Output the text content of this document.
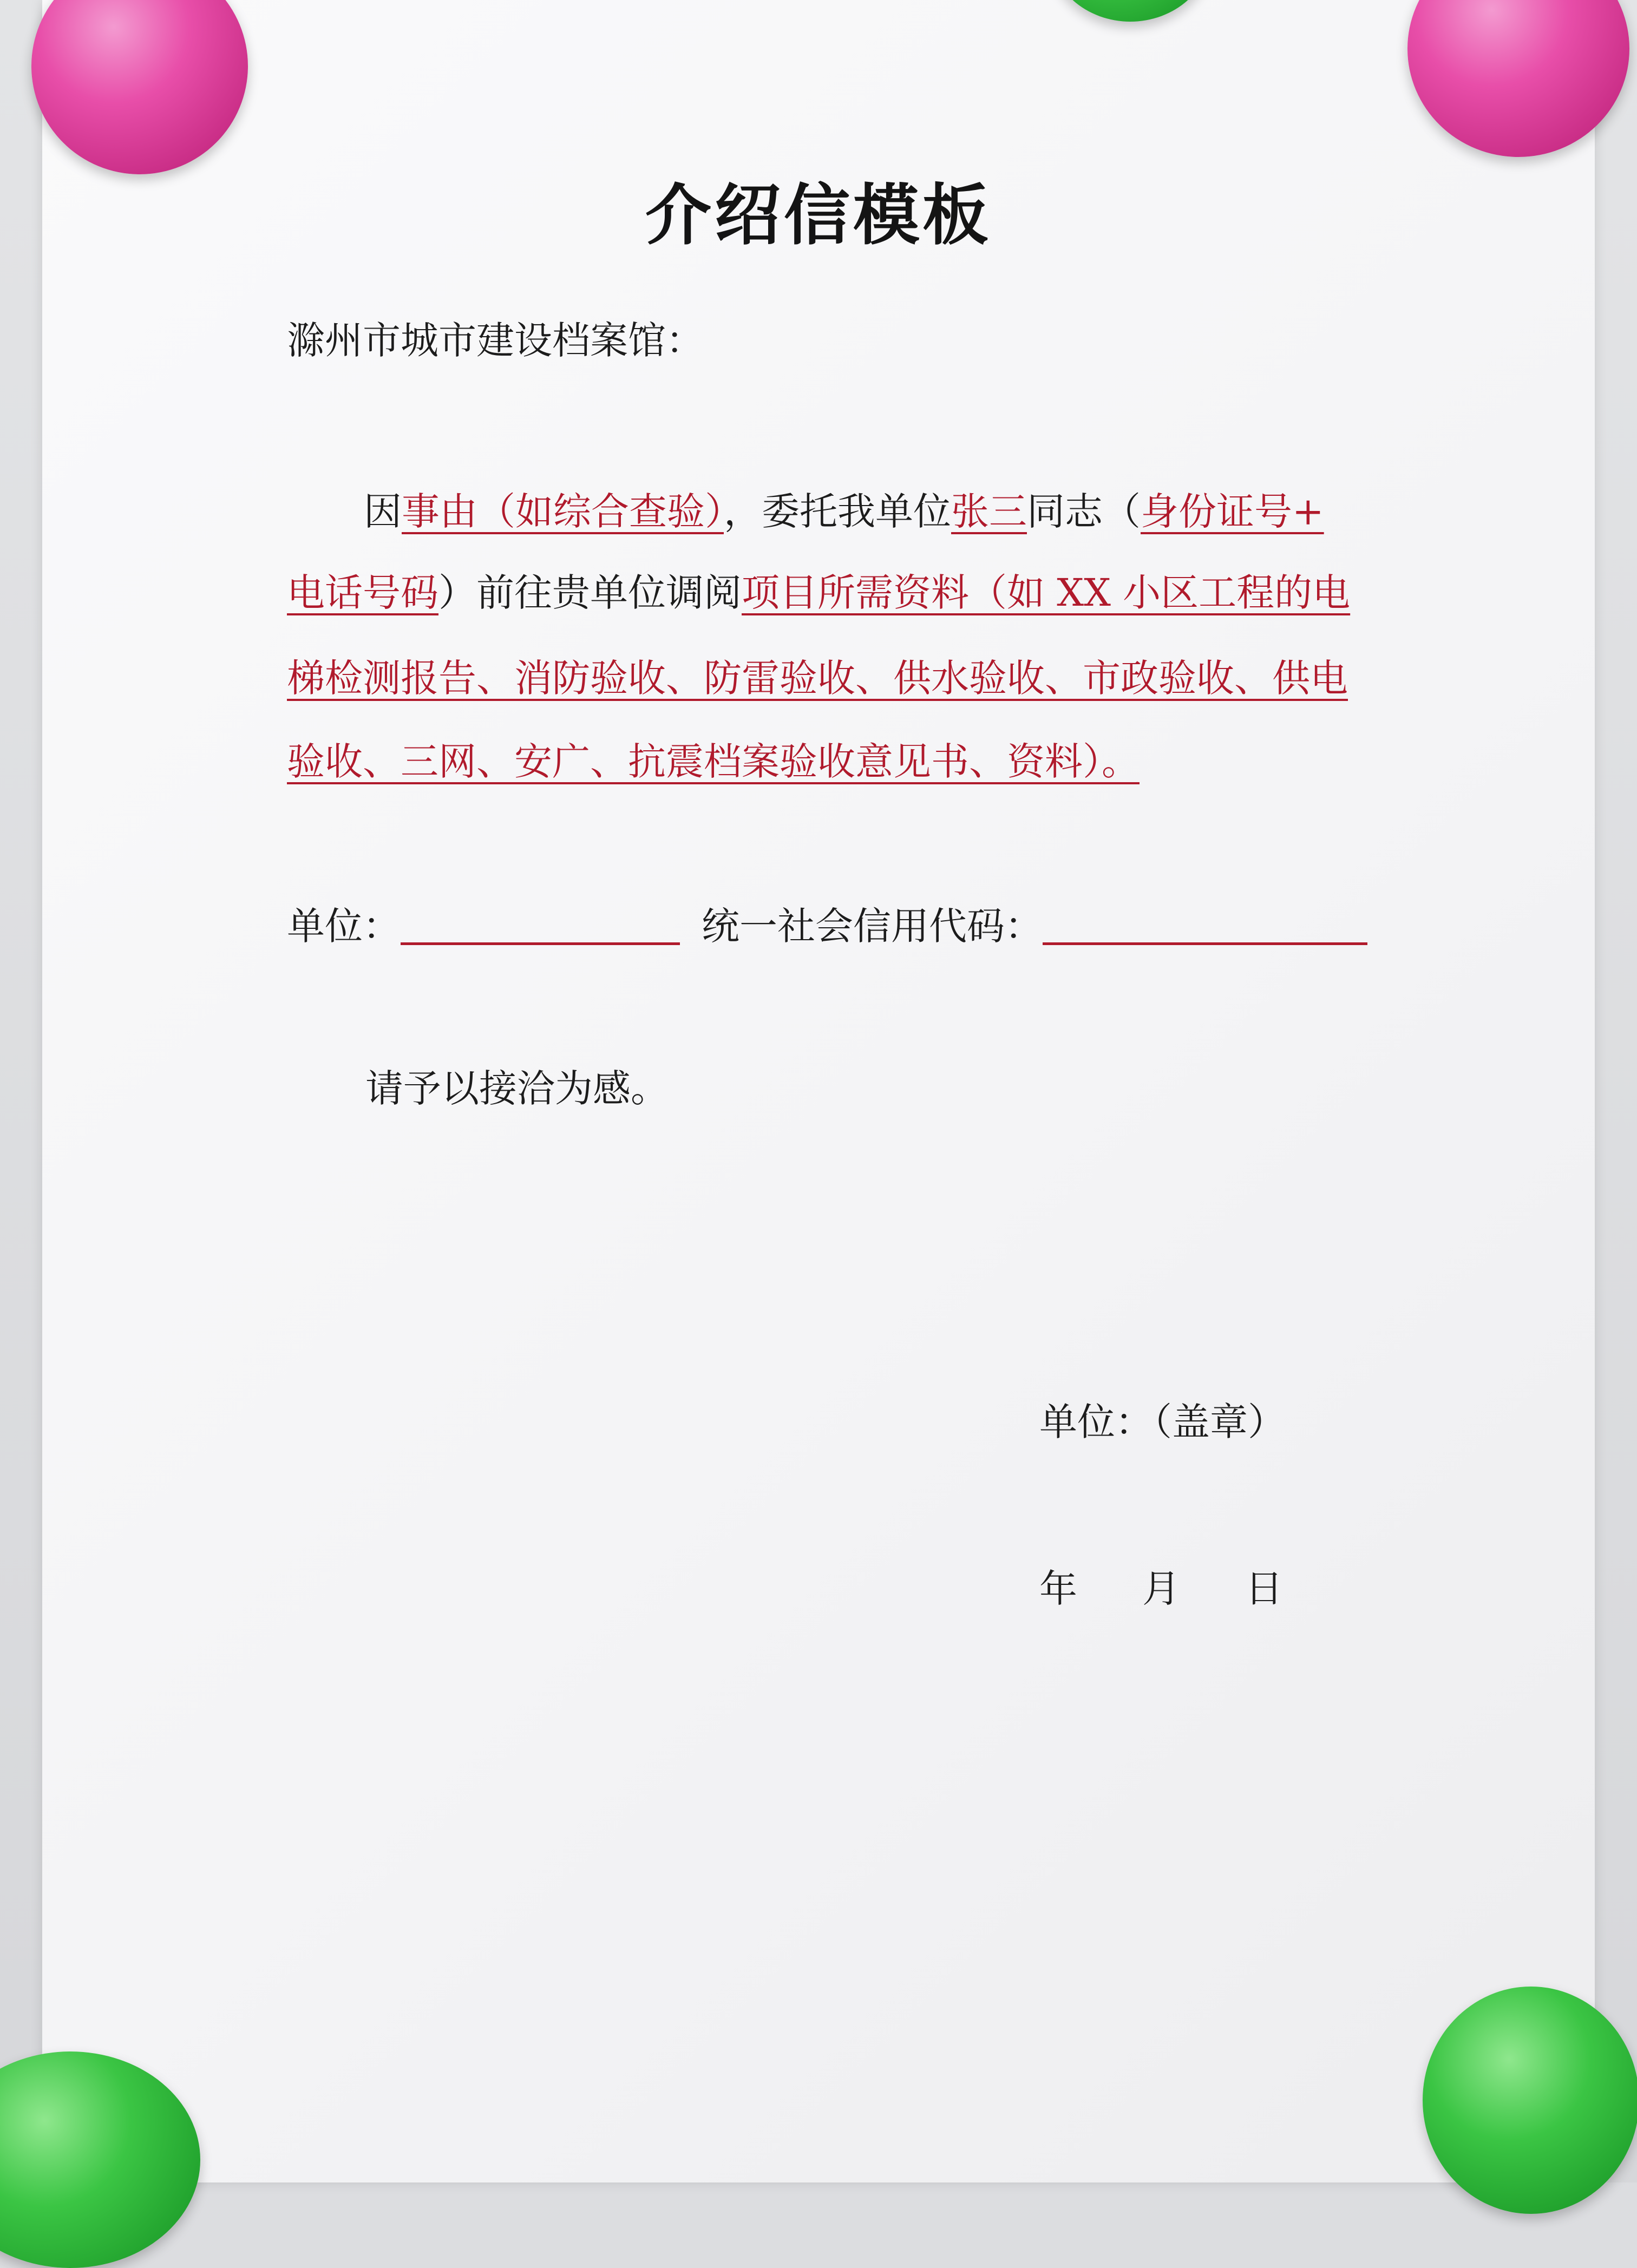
介绍信模板
滁州市城市建设档案馆：
因事由（如综合查验），委托我单位张三同志（身份证号+
电话号码）前往贵单位调阅项目所需资料（如 XX 小区工程的电
梯检测报告、消防验收、防雷验收、供水验收、市政验收、供电
验收、三网、安广、抗震档案验收意见书、资料）。
单位：	统一社会信用代码：
请予以接洽为感。
单位：（盖章）
年 月 日
